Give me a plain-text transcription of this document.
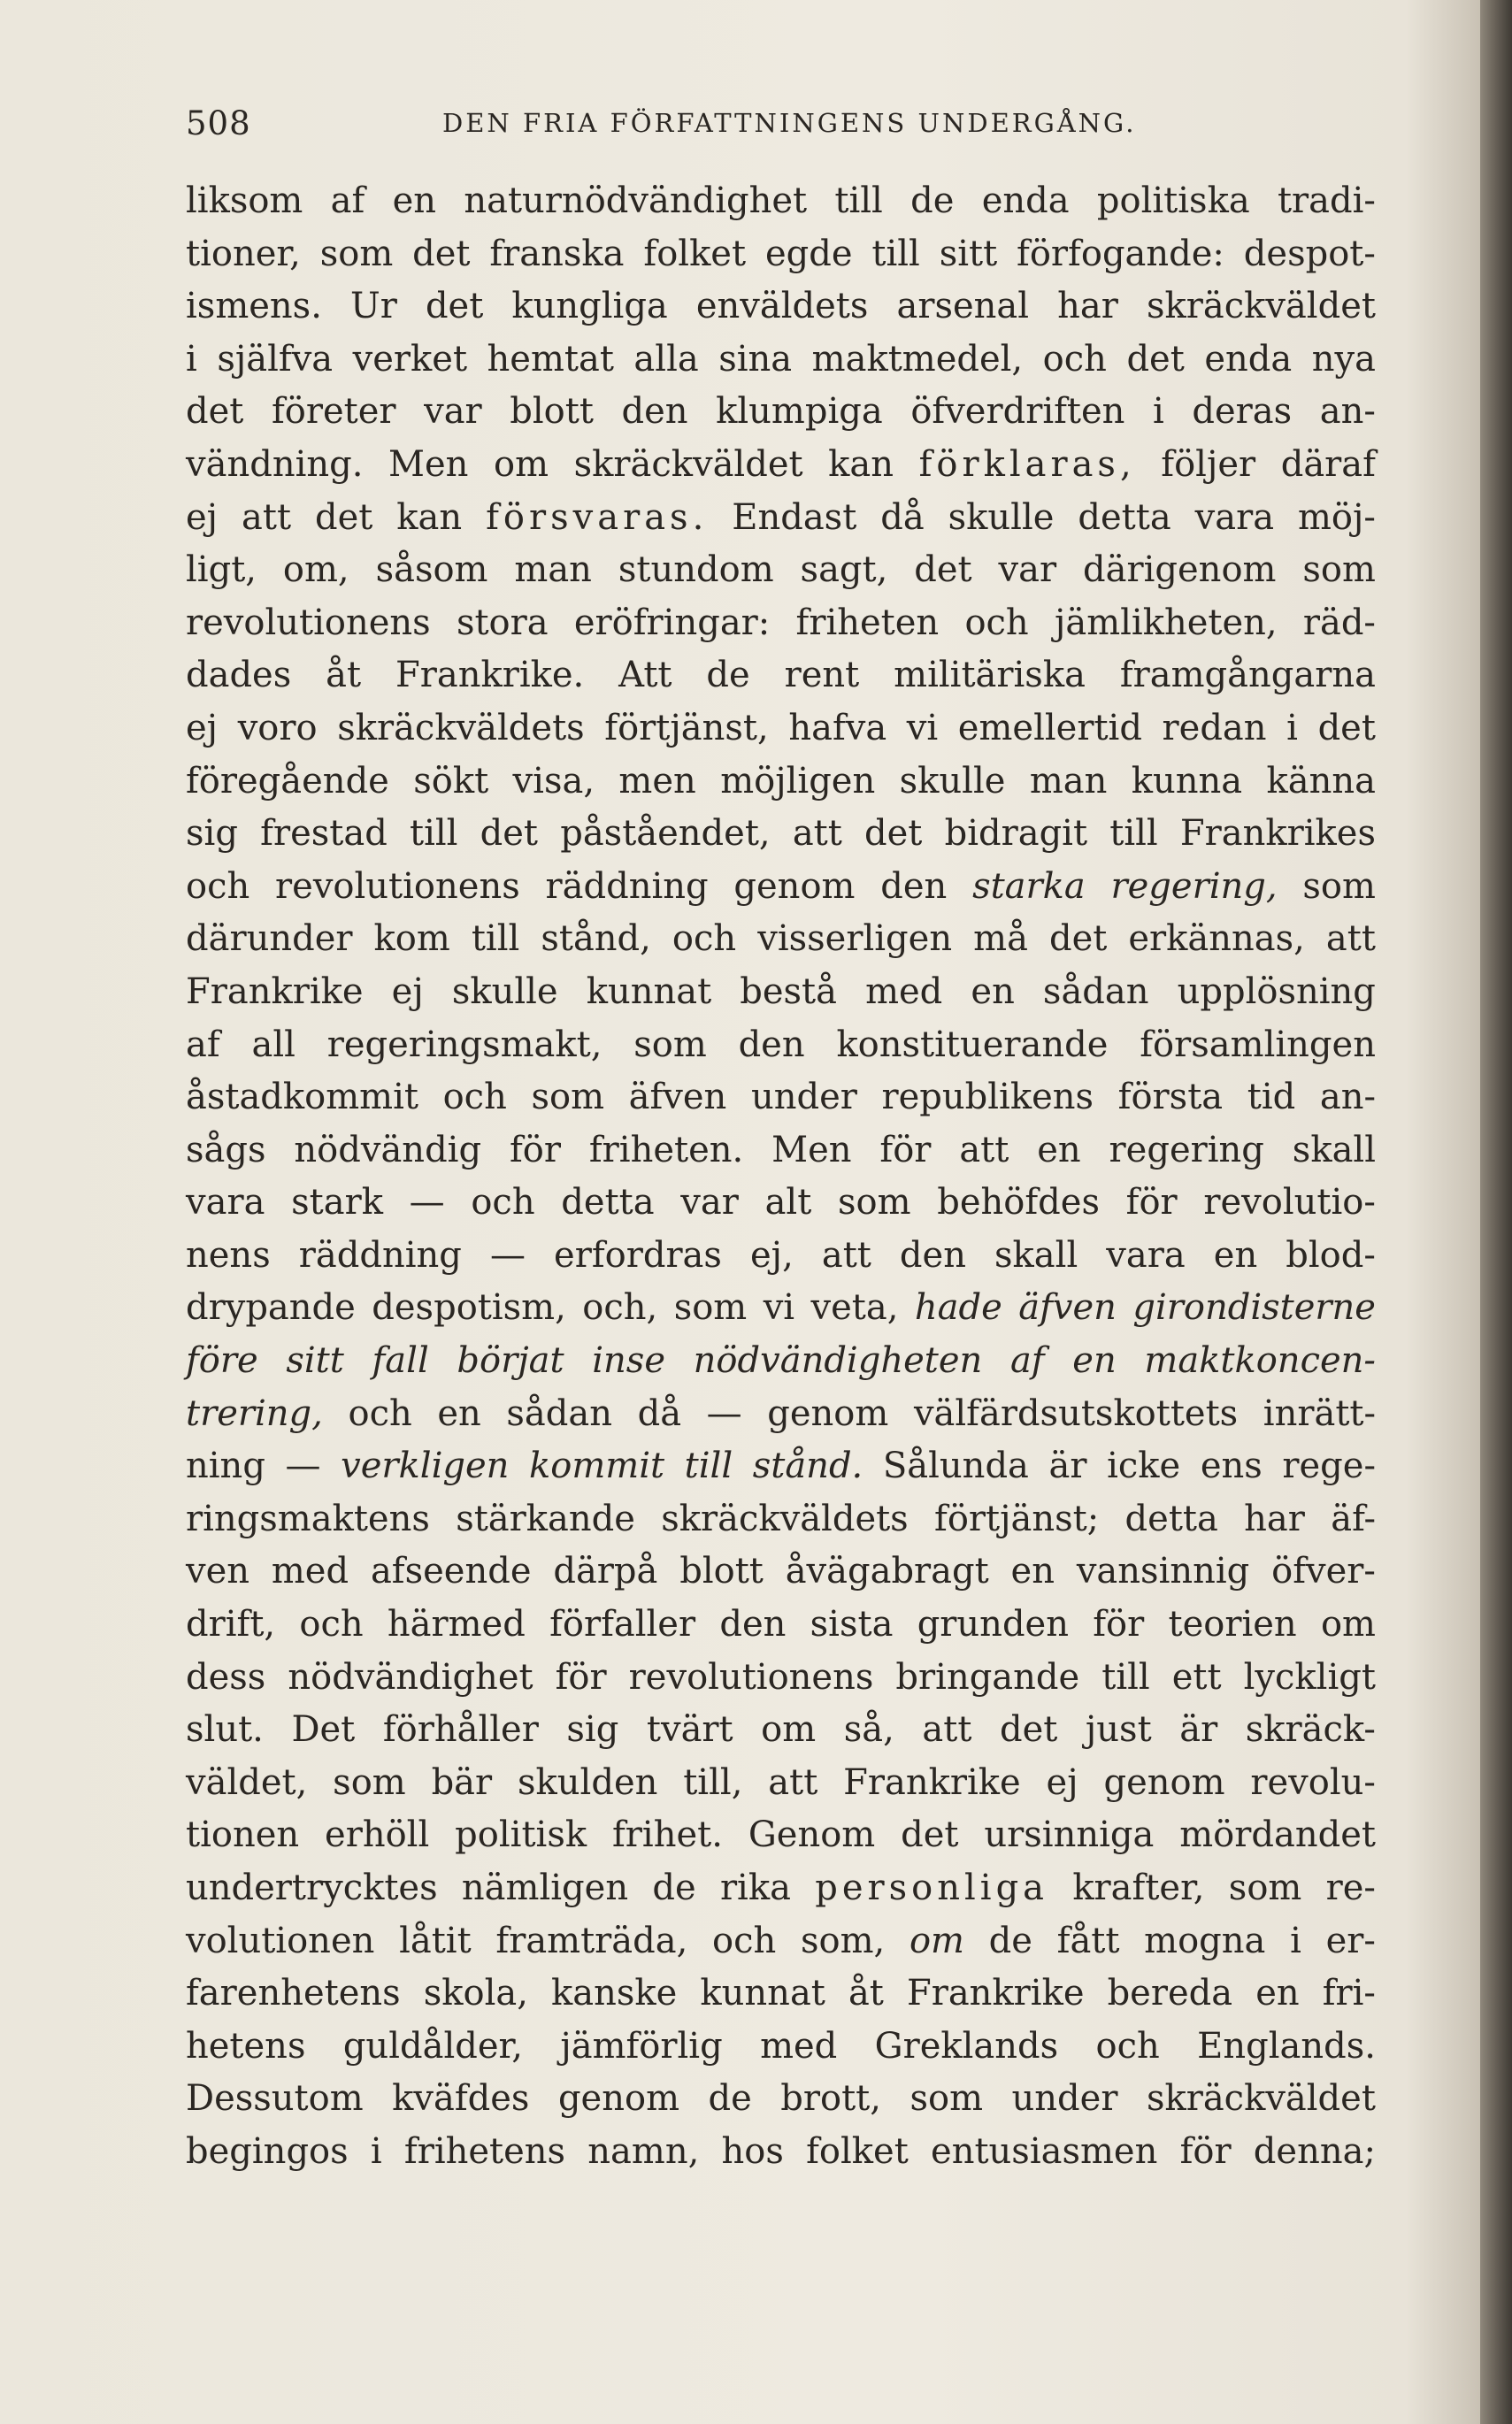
508	DEN FRIA FÖRFATTNINGENS UNDERGÅNG.
liksom af en naturnödvändighet till de enda politiska tradi-
tioner, som det franska folket egde till sitt förfogande: despot-
ismens. Ur det kungliga enväldets arsenal har skräckväldet
i själfva verket hemtat alla sina maktmedel, och det enda nya
det företer var blott den klumpiga öfverdriften i deras an-
vändning. Men om skräckväldet kan förklaras, följer däraf
ej att det kan försvaras. Endast då skulle detta vara möj-
ligt, om, såsom man stundom sagt, det var därigenom som
revolutionens stora eröfringar: friheten och jämlikheten, räd-
dades åt Frankrike. Att de rent militäriska framgångarna
ej voro skräckväldets förtjänst, hafva vi emellertid redan i det
föregående sökt visa, men möjligen skulle man kunna känna
sig frestad till det påståendet, att det bidragit till Frankrikes
och revolutionens räddning genom den starka regering, som
därunder kom till stånd, och visserligen må det erkännas, att
Frankrike ej skulle kunnat bestå med en sådan upplösning
af all regeringsmakt, som den konstituerande församlingen
åstadkommit och som äfven under republikens första tid an-
sågs nödvändig för friheten. Men för att en regering skall
vara stark — och detta var alt som behöfdes för revolutio-
nens räddning — erfordras ej, att den skall vara en blod-
drypande despotism, och, som vi veta, hade äfven girondisterne
före sitt fall börjat inse nödvändigheten af en maktkoncen-
trering, och en sådan då — genom välfärdsutskottets inrätt-
ning — verkligen kommit till stånd. Sålunda är icke ens rege-
ringsmaktens stärkande skräckväldets förtjänst; detta har äf-
ven med afseende därpå blott åvägabragt en vansinnig öfver-
drift, och härmed förfaller den sista grunden för teorien om
dess nödvändighet för revolutionens bringande till ett lyckligt
slut. Det förhåller sig tvärt om så, att det just är skräck-
väldet, som bär skulden till, att Frankrike ej genom revolu-
tionen erhöll politisk frihet. Genom det ursinniga mördandet
undertrycktes nämligen de rika personliga krafter, som re-
volutionen låtit framträda, och som, om de fått mogna i er-
farenhetens skola, kanske kunnat åt Frankrike bereda en fri-
hetens guldålder, jämförlig med Greklands och Englands.
Dessutom kväfdes genom de brott, som under skräckväldet
begingos i frihetens namn, hos folket entusiasmen för denna;
